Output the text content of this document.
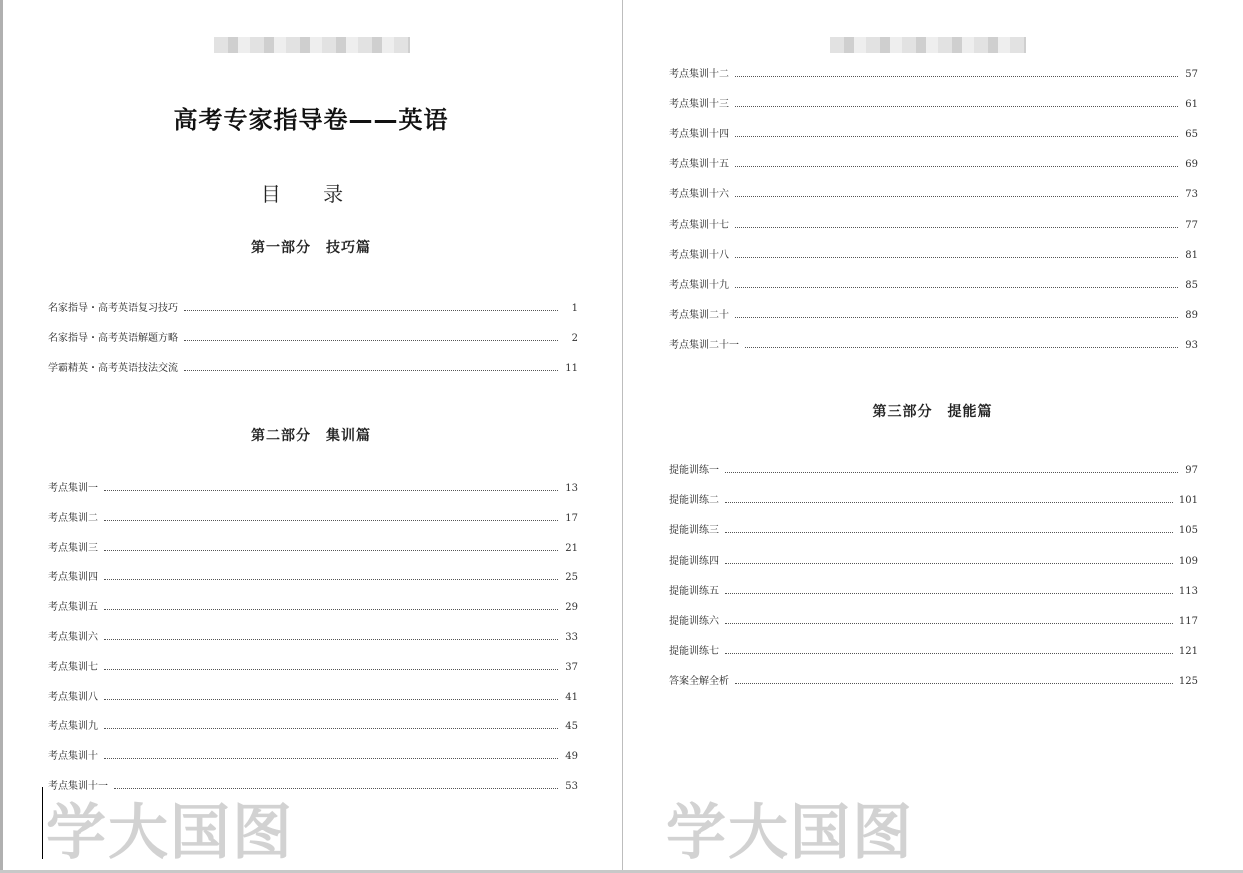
高考专家指导卷——英语
目 录
第一部分　技巧篇
第二部分　集训篇
第三部分　提能篇
名家指导・高考英语复习技巧	1
名家指导・高考英语解题方略	2
学霸精英・高考英语技法交流	11
考点集训一	13
考点集训二	17
考点集训三	21
考点集训四	25
考点集训五	29
考点集训六	33
考点集训七	37
考点集训八	41
考点集训九	45
考点集训十	49
考点集训十一	53
考点集训十二	57
考点集训十三	61
考点集训十四	65
考点集训十五	69
考点集训十六	73
考点集训十七	77
考点集训十八	81
考点集训十九	85
考点集训二十	89
考点集训二十一	93
提能训练一	97
提能训练二	101
提能训练三	105
提能训练四	109
提能训练五	113
提能训练六	117
提能训练七	121
答案全解全析	125
学大国图	学大国图
